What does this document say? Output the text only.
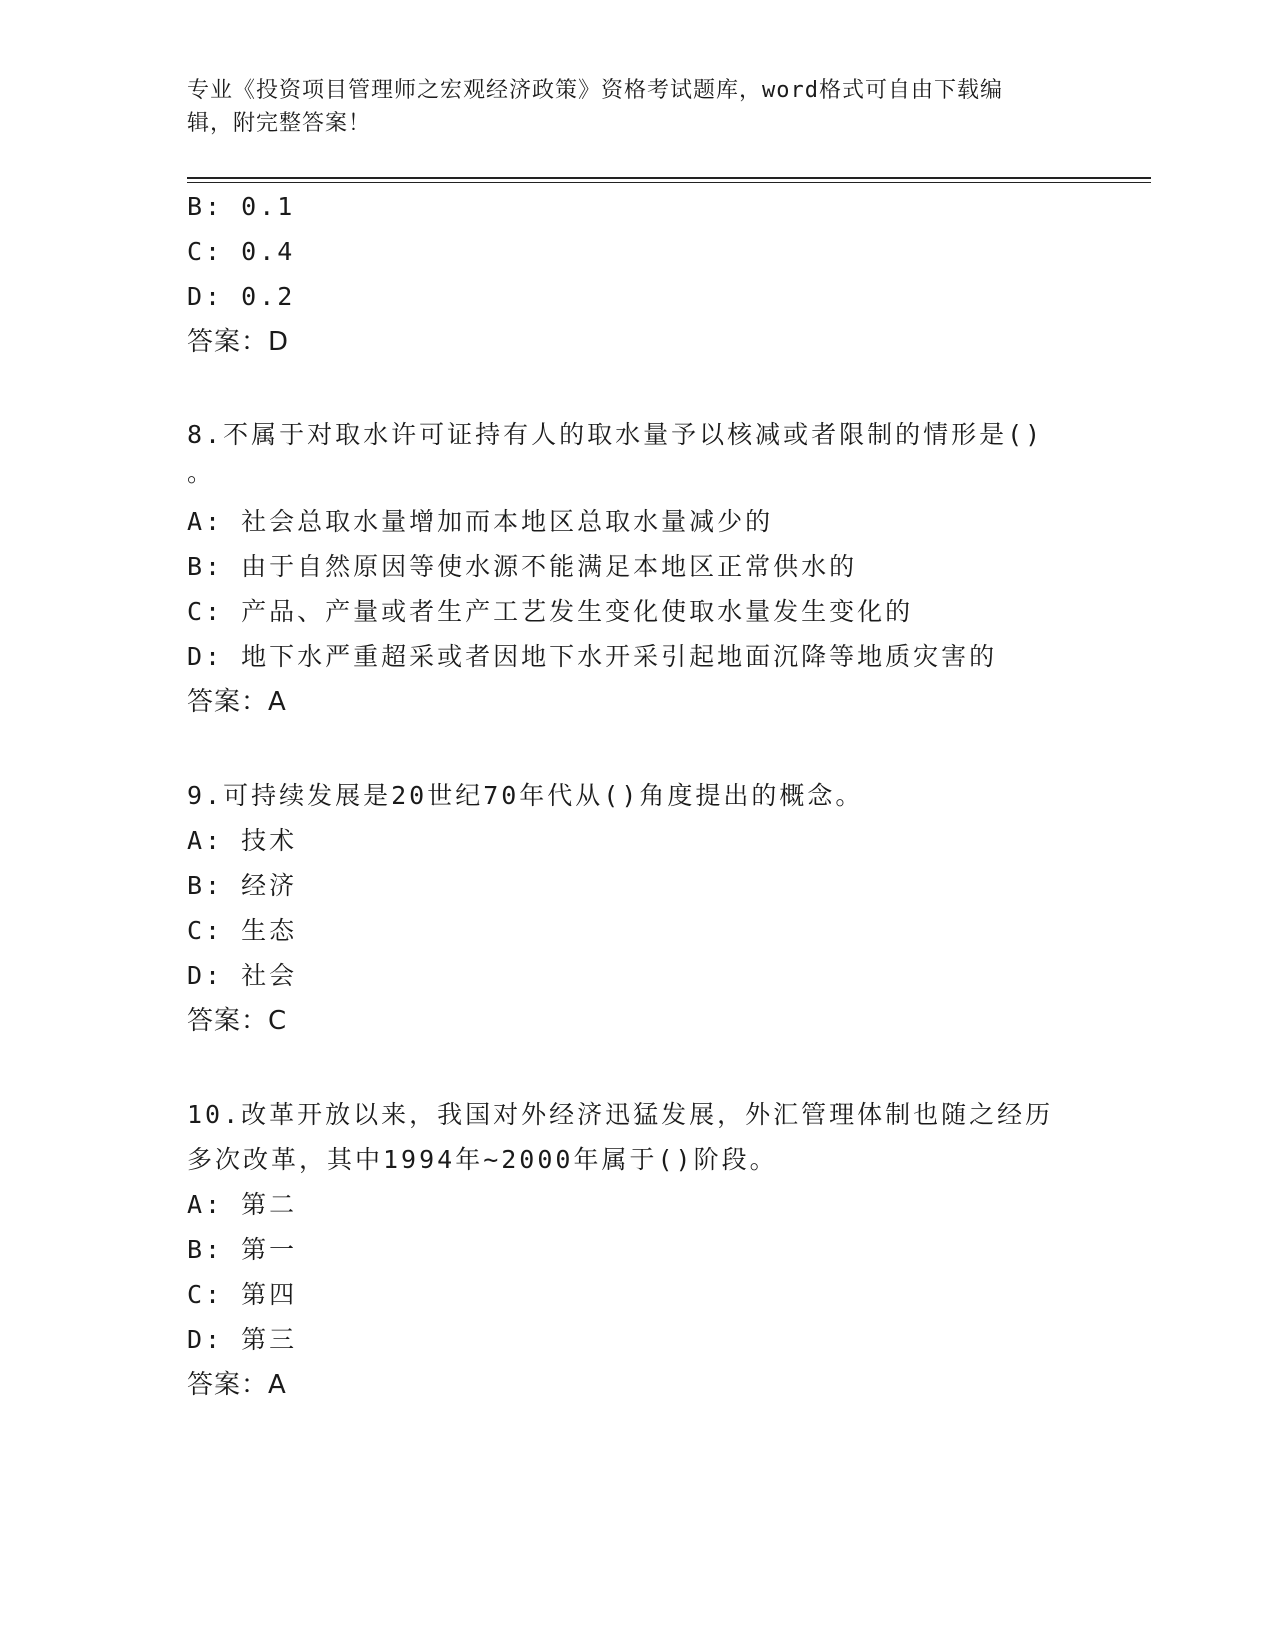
专业《投资项目管理师之宏观经济政策》资格考试题库，word格式可自由下载编
辑，附完整答案！
B: 0.1
C: 0.4
D: 0.2
答案：D
8.不属于对取水许可证持有人的取水量予以核减或者限制的情形是()
。
A: 社会总取水量增加而本地区总取水量减少的
B: 由于自然原因等使水源不能满足本地区正常供水的
C: 产品、产量或者生产工艺发生变化使取水量发生变化的
D: 地下水严重超采或者因地下水开采引起地面沉降等地质灾害的
答案：A
9.可持续发展是20世纪70年代从()角度提出的概念。
A: 技术
B: 经济
C: 生态
D: 社会
答案：C
10.改革开放以来，我国对外经济迅猛发展，外汇管理体制也随之经历
多次改革，其中1994年~2000年属于()阶段。
A: 第二
B: 第一
C: 第四
D: 第三
答案：A
